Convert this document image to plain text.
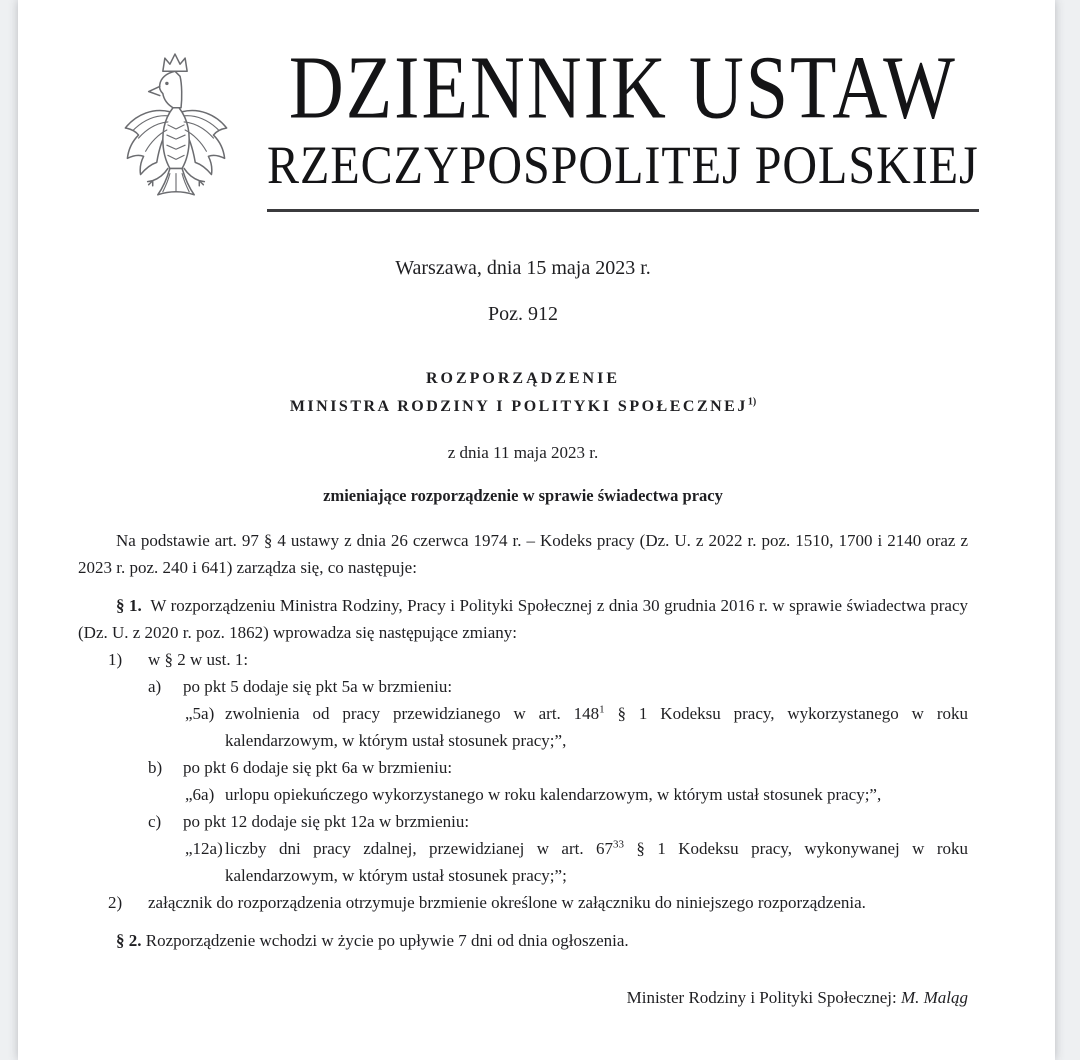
DZIENNIK USTAW
RZECZYPOSPOLITEJ POLSKIEJ
Warszawa, dnia 15 maja 2023 r.
Poz. 912
ROZPORZĄDZENIE
MINISTRA RODZINY I POLITYKI SPOŁECZNEJ$^{1)}$
z dnia 11 maja 2023 r.
zmieniające rozporządzenie w sprawie świadectwa pracy

Na podstawie art. 97 § 4 ustawy z dnia 26 czerwca 1974 r. – Kodeks pracy (Dz. U. z 2022 r. poz. 1510, 1700 i 2140 oraz z 2023 r. poz. 240 i 641) zarządza się, co następuje:

§ 1. W rozporządzeniu Ministra Rodziny, Pracy i Polityki Społecznej z dnia 30 grudnia 2016 r. w sprawie świadectwa pracy (Dz. U. z 2020 r. poz. 1862) wprowadza się następujące zmiany:

1)	w § 2 w ust. 1:
a)	po pkt 5 dodaje się pkt 5a w brzmieniu:
„5a) zwolnienia od pracy przewidzianego w art. $148^1$ § 1 Kodeksu pracy, wykorzystanego w roku kalendarzowym, w którym ustał stosunek pracy;”,
b)	po pkt 6 dodaje się pkt 6a w brzmieniu:
„6a) urlopu opiekuńczego wykorzystanego w roku kalendarzowym, w którym ustał stosunek pracy;”,
c)	po pkt 12 dodaje się pkt 12a w brzmieniu:
„12a) liczby dni pracy zdalnej, przewidzianej w art. $67^{33}$ § 1 Kodeksu pracy, wykonywanej w roku kalendarzowym, w którym ustał stosunek pracy;”;
2)	załącznik do rozporządzenia otrzymuje brzmienie określone w załączniku do niniejszego rozporządzenia.

§ 2. Rozporządzenie wchodzi w życie po upływie 7 dni od dnia ogłoszenia.

Minister Rodziny i Polityki Społecznej: M. Maląg
